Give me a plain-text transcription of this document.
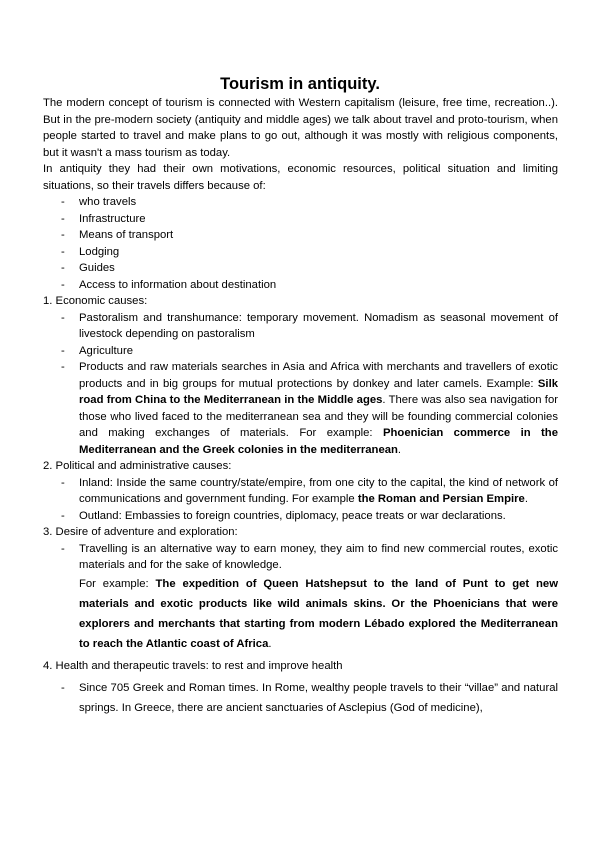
Tourism in antiquity.

The modern concept of tourism is connected with Western capitalism (leisure, free time, recreation..). But in the pre-modern society (antiquity and middle ages) we talk about travel and proto-tourism, when people started to travel and make plans to go out, although it was mostly with religious components, but it wasn't a mass tourism as today.

In antiquity they had their own motivations, economic resources, political situation and limiting situations, so their travels differs because of:

- who travels
- Infrastructure
- Means of transport
- Lodging
- Guides
- Access to information about destination

1. Economic causes:

- Pastoralism and transhumance: temporary movement. Nomadism as seasonal movement of livestock depending on pastoralism
- Agriculture
- Products and raw materials searches in Asia and Africa with merchants and travellers of exotic products and in big groups for mutual protections by donkey and later camels. Example: Silk road from China to the Mediterranean in the Middle ages. There was also sea navigation for those who lived faced to the mediterranean sea and they will be founding commercial colonies and making exchanges of materials. For example: Phoenician commerce in the Mediterranean and the Greek colonies in the mediterranean.

2. Political and administrative causes:

- Inland: Inside the same country/state/empire, from one city to the capital, the kind of network of communications and government funding. For example the Roman and Persian Empire.
- Outland: Embassies to foreign countries, diplomacy, peace treats or war declarations.

3. Desire of adventure and exploration:

- Travelling is an alternative way to earn money, they aim to find new commercial routes, exotic materials and for the sake of knowledge.
For example: The expedition of Queen Hatshepsut to the land of Punt to get new materials and exotic products like wild animals skins. Or the Phoenicians that were explorers and merchants that starting from modern Lébado explored the Mediterranean to reach the Atlantic coast of Africa.

4. Health and therapeutic travels: to rest and improve health

- Since 705 Greek and Roman times. In Rome, wealthy people travels to their “villae” and natural springs. In Greece, there are ancient sanctuaries of Asclepius (God of medicine),
